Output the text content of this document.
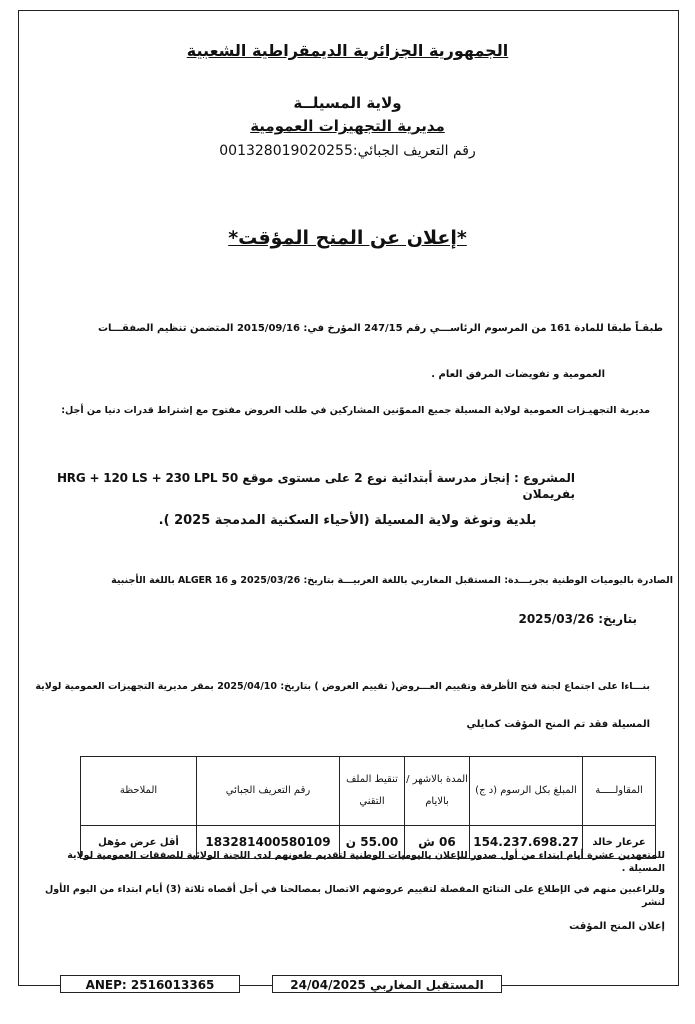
الجمهورية الجزائرية الديمقراطية الشعبية
ولاية المسيلــة
مديرية التجهيزات العمومية
رقم التعريف الجبائي:001328019020255
*إعلان عن المنح المؤقت*
طبقـاً طبقا للمادة 161 من المرسوم الرئاســـي رقم 247/15 المؤرخ في: 2015/09/16 المتضمن تنظيم الصفقـــات
العمومية و تفويضات المرفق العام .
مديرية التجهيـزات العمومية لولاية المسيلة جميع المموّنين المشاركين في طلب العروض مفتوح مع إشتراط قدرات دنيا من أجل:
المشروع : إنجاز مدرسة أبتدائية نوع 2 على مستوى موقع 50 HRG + 120 LS + 230 LPL بفريملان
بلدية ونوغة ولاية المسيلة (الأحياء السكنية المدمجة 2025 ).
الصادرة باليوميات الوطنية بجريـــدة: المستقبل المغاربي باللغة العربيـــة بتاريخ: 2025/03/26 و ALGER 16 باللغة الأجنبية
بتاريخ: 2025/03/26
بنـــاءا على اجتماع لجنة فتح الأظرفة وتقييم العـــروض( تقييم العروض ) بتاريخ: 2025/04/10 بمقر مديرية التجهيزات العمومية لولاية
المسيلة فقد تم المنح المؤقت كمايلي
المقاولـــــة	المبلغ بكل الرسوم (د ج)	المدة بالاشهر / بالايام	تنقيط الملف التقني	رقم التعريف الجبائي	الملاحظة
عرعار خالد	154.237.698.27	06 ش	55.00 ن	183281400580109	أقل عرض مؤهل
للمتعهدين عشرة أيام ابتداء من أول صدور للإعلان باليوميات الوطنية لتقديم طعونهم لدى اللجنة الولائية للصفقات العمومية لولاية المسيلة .
وللراغبين منهم في الإطلاع على النتائج المفصلة لتقييم عروضهم الاتصال بمصالحنا في أجل أقصاه ثلاثة (3) أيام ابتداء من اليوم الأول لنشر
إعلان المنح المؤقت
ANEP: 2516013365	المستقبل المغاربي 24/04/2025
